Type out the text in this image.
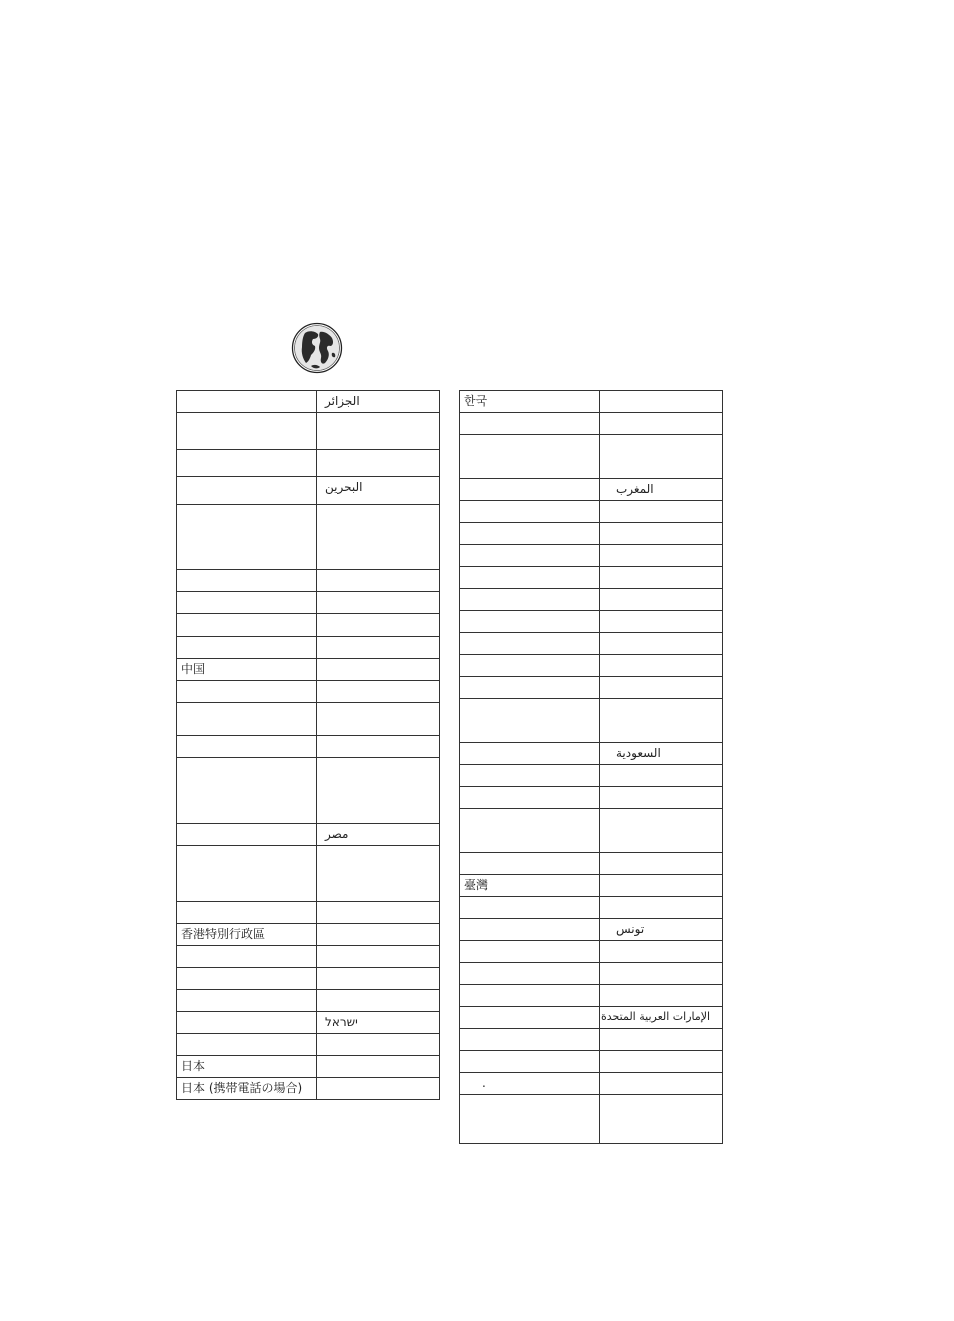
	الجزائر

	البحرين

中国	

	مصر

香港特別行政區	

	ישראל

日本	
日本 (携帯電話の場合)	
한국	

	المغرب

	السعودية

臺灣	

	تونس

	الإمارات العربية المتحدة

.	
